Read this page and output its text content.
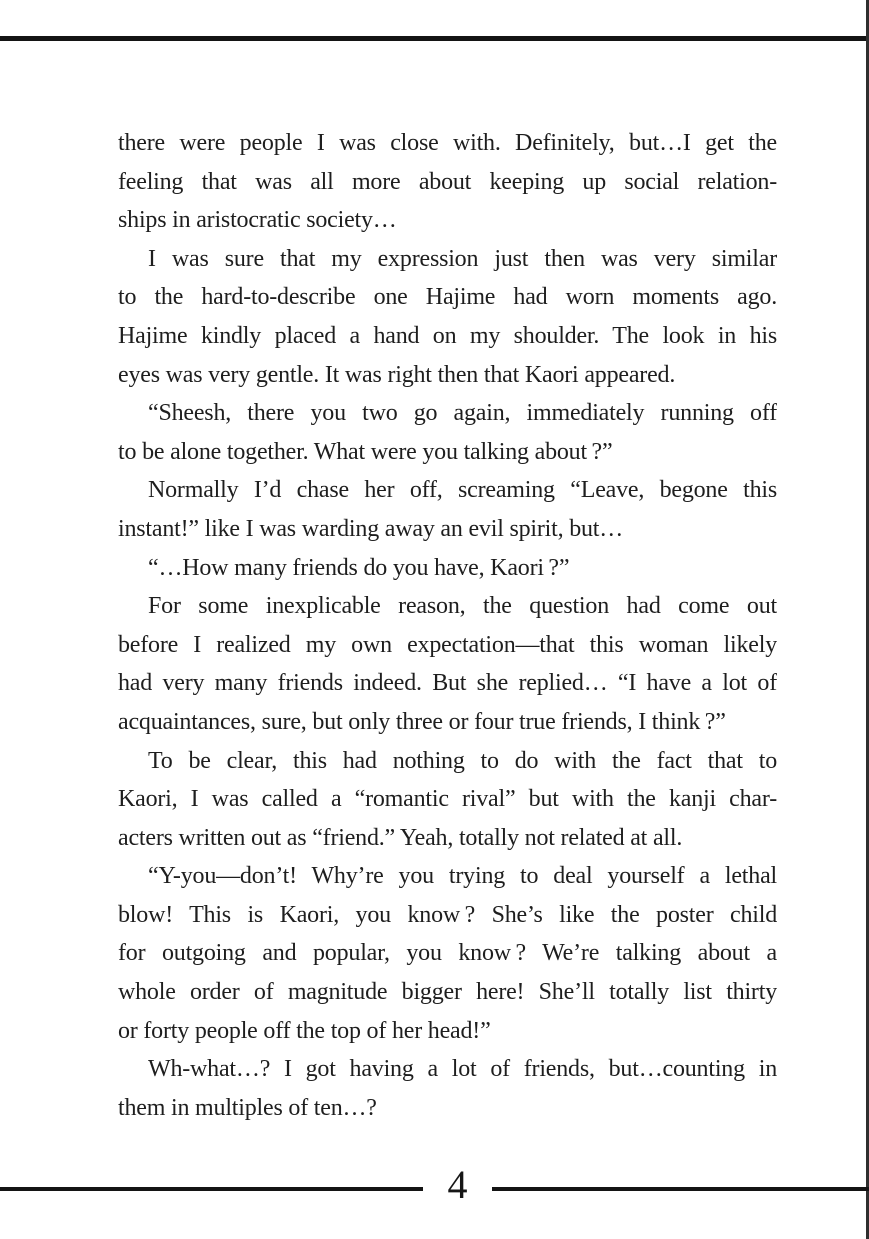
there were people I was close with. Definitely, but…I get the
feeling that was all more about keeping up social relation-
ships in aristocratic society…
I was sure that my expression just then was very similar
to the hard-to-describe one Hajime had worn moments ago.
Hajime kindly placed a hand on my shoulder. The look in his
eyes was very gentle. It was right then that Kaori appeared.
“Sheesh, there you two go again, immediately running off
to be alone together. What were you talking about ?”
Normally I’d chase her off, screaming “Leave, begone this
instant!” like I was warding away an evil spirit, but…
“…How many friends do you have, Kaori ?”
For some inexplicable reason, the question had come out
before I realized my own expectation—that this woman likely
had very many friends indeed. But she replied… “I have a lot of
acquaintances, sure, but only three or four true friends, I think ?”
To be clear, this had nothing to do with the fact that to
Kaori, I was called a “romantic rival” but with the kanji char-
acters written out as “friend.” Yeah, totally not related at all.
“Y-you—don’t! Why’re you trying to deal yourself a lethal
blow! This is Kaori, you know ? She’s like the poster child
for outgoing and popular, you know ? We’re talking about a
whole order of magnitude bigger here! She’ll totally list thirty
or forty people off the top of her head!”
Wh-what…? I got having a lot of friends, but…counting in
them in multiples of ten…?
4
